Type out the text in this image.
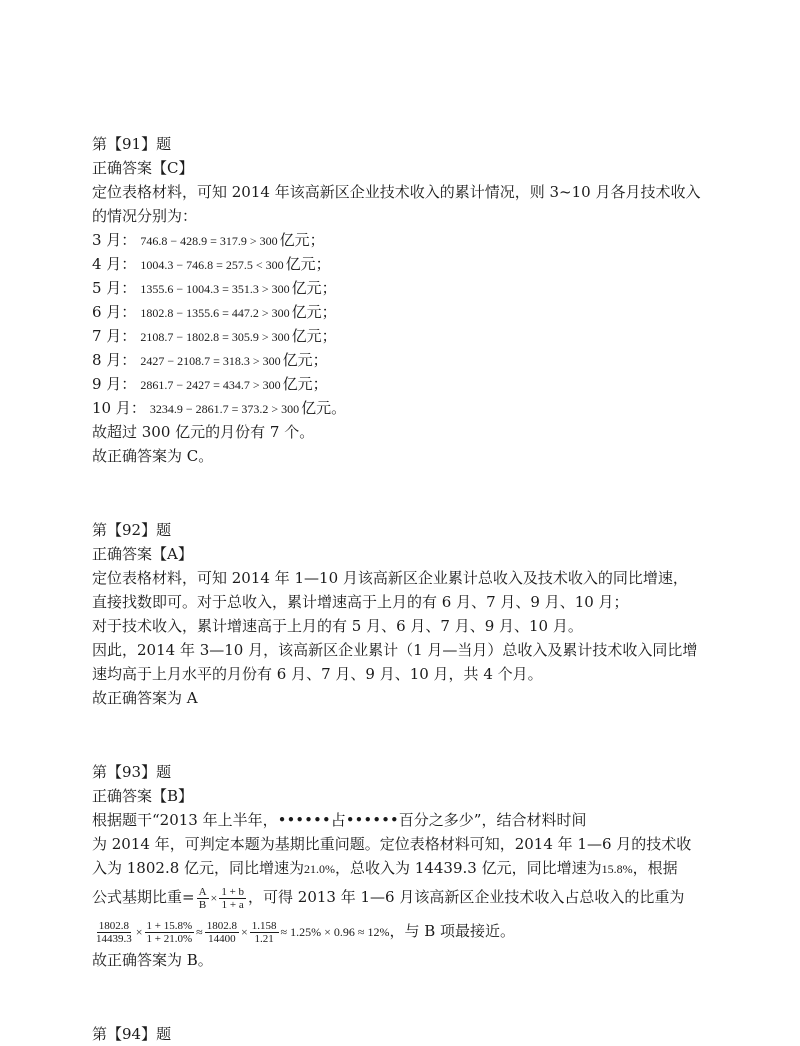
第【91】题
正确答案【C】
定位表格材料，可知 2014 年该高新区企业技术收入的累计情况，则 3~10 月各月技术收入
的情况分别为：
3 月： 746.8 − 428.9 = 317.9 > 300 亿元；
4 月： 1004.3 − 746.8 = 257.5 < 300 亿元；
5 月： 1355.6 − 1004.3 = 351.3 > 300 亿元；
6 月： 1802.8 − 1355.6 = 447.2 > 300 亿元；
7 月： 2108.7 − 1802.8 = 305.9 > 300 亿元；
8 月： 2427 − 2108.7 = 318.3 > 300 亿元；
9 月： 2861.7 − 2427 = 434.7 > 300 亿元；
10 月： 3234.9 − 2861.7 = 373.2 > 300 亿元。
故超过 300 亿元的月份有 7 个。
故正确答案为 C。
第【92】题
正确答案【A】
定位表格材料，可知 2014 年 1—10 月该高新区企业累计总收入及技术收入的同比增速，
直接找数即可。对于总收入，累计增速高于上月的有 6 月、7 月、9 月、10 月；
对于技术收入，累计增速高于上月的有 5 月、6 月、7 月、9 月、10 月。
因此，2014 年 3—10 月，该高新区企业累计（1 月—当月）总收入及累计技术收入同比增
速均高于上月水平的月份有 6 月、7 月、9 月、10 月，共 4 个月。
故正确答案为 A
第【93】题
正确答案【B】
根据题干“2013 年上半年，••••••占••••••百分之多少”，结合材料时间
为 2014 年，可判定本题为基期比重问题。定位表格材料可知，2014 年 1—6 月的技术收
入为 1802.8 亿元，同比增速为21.0%，总收入为 14439.3 亿元，同比增速为15.8%，根据
公式基期比重= $\frac{A}{B} \times \frac{1 + b}{1 + a}$ ，可得 2013 年 1—6 月该高新区企业技术收入占总收入的比重为
$\frac{1802.8}{14439.3} \times \frac{1 + 15.8\%}{1 + 21.0\%} \approx \frac{1802.8}{14400} \times \frac{1.158}{1.21} \approx 1.25\% \times 0.96 \approx 12\%$，与 B 项最接近。
故正确答案为 B。
第【94】题
